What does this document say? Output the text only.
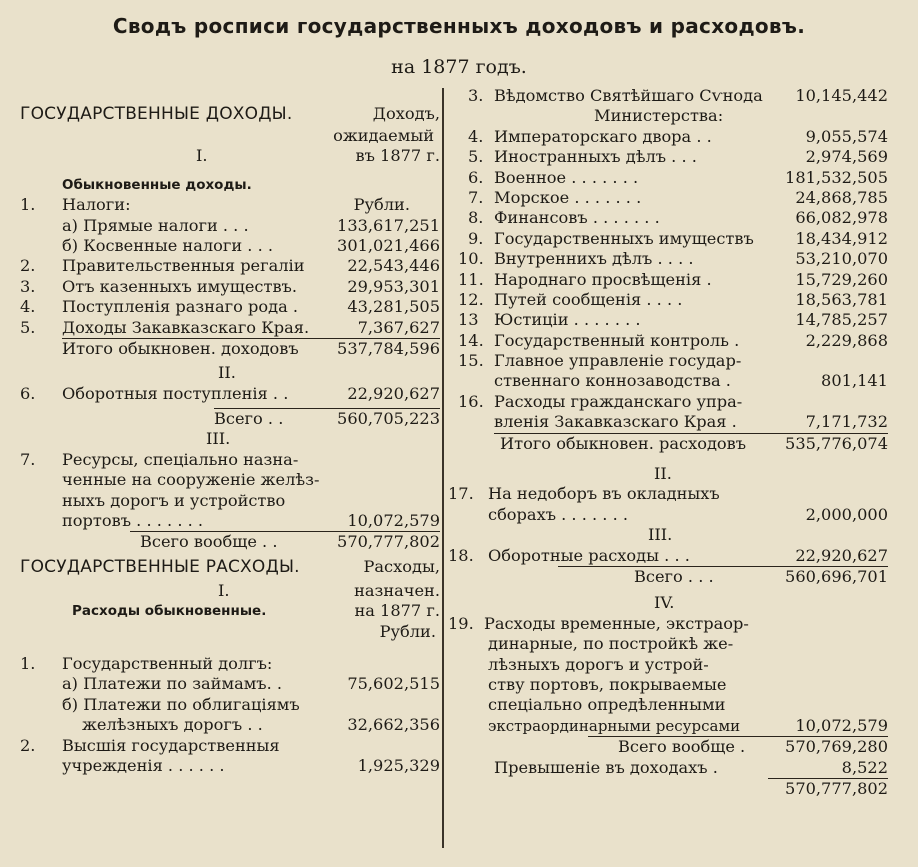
Сводъ росписи государственныхъ доходовъ и расходовъ.
на 1877 годъ.
ГОСУДАРСТВЕННЫЕ ДОХОДЫ.	Доходъ,
ожидаемый
I.	въ 1877 г.
Обыкновенные доходы.
1. Налоги:	Рубли.
а) Прямые налоги . . .	133,617,251
б) Косвенные налоги . . .	301,021,466
2. Правительственныя регалiи	22,543,446
3. Отъ казенныхъ имуществъ.	29,953,301
4. Поступленiя разнаго рода .	43,281,505
5. Доходы Закавказскаго Края.	7,367,627
Итого обыкновен. доходовъ 537,784,596
II.
6. Оборотныя поступленiя . .	22,920,627
Всего . .	560,705,223
III.
7. Ресурсы, спецiально назна-
ченные на сооруженiе желѣз-
ныхъ дорогъ и устройство
портовъ . . . . . . .	10,072,579
Всего вообще . .	570,777,802
ГОСУДАРСТВЕННЫЕ РАСХОДЫ.	Расходы,
I.	назначен.
Расходы обыкновенные.	на 1877 г.
Рубли.
1. Государственный долгъ:
а) Платежи по займамъ. .	75,602,515
б) Платежи по облигацiямъ
желѣзныхъ дорогъ . .	32,662,356
2. Высшiя государственныя
учрежденiя . . . . . .	1,925,329
3. Вѣдомство Святѣйшаго Сѵнода 10,145,442
Министерства:
4. Императорскаго двора . .	9,055,574
5. Иностранныхъ дѣлъ . . .	2,974,569
6. Военное . . . . . . .	181,532,505
7. Морское . . . . . . .	24,868,785
8. Финансовъ . . . . . . .	66,082,978
9. Государственныхъ имуществъ	18,434,912
10. Внутреннихъ дѣлъ . . . .	53,210,070
11. Народнаго просвѣщенiя .	15,729,260
12. Путей сообщенiя . . . .	18,563,781
13 Юстицiи . . . . . . .	14,785,257
14. Государственный контроль .	2,229,868
15. Главное управленiе государ-
ственнаго коннозаводства .	801,141
16. Расходы гражданскаго упра-
вленiя Закавказскаго Края .	7,171,732
Итого обыкновен. расходовъ 535,776,074
II.
17. На недоборъ въ окладныхъ
сборахъ . . . . . . .	2,000,000
III.
18. Оборотные расходы . . .	22,920,627
Всего . . .	560,696,701
IV.
19. Расходы временные, экстраор-
динарные, по постройкѣ же-
лѣзныхъ дорогъ и устрой-
ству портовъ, покрываемые
спецiально опредѣленными
экстраординарными ресурсами	10,072,579
Всего вообще . 570,769,280
Превышенiе въ доходахъ .	8,522
570,777,802
